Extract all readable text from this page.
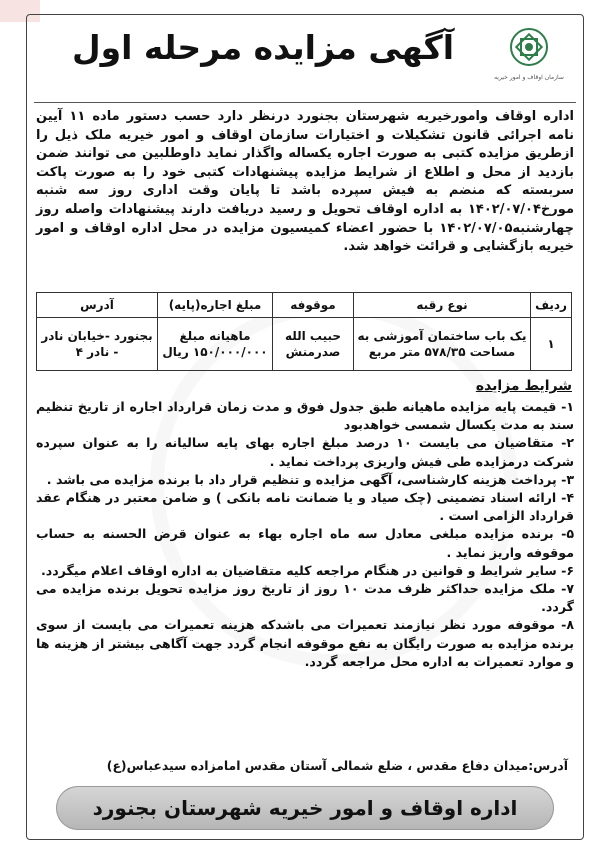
سازمان اوقاف و امور خیریه
آگهی مزایده مرحله اول
اداره اوقاف وامورخیریه شهرستان بجنورد درنظر دارد حسب دستور ماده ۱۱ آیین نامه اجرائی قانون تشکیلات و اختیارات سازمان اوقاف و امور خیریه ملک ذیل را ازطریق مزایده کتبی به صورت اجاره یکساله واگذار نماید داوطلبین می توانند ضمن بازدید از محل و اطلاع از شرایط مزایده پیشنهادات کتبی خود را به صورت پاکت سربسته که منضم به فیش سپرده باشد تا پایان وقت اداری روز سه شنبه مورخ۱۴۰۲/۰۷/۰۴ به اداره اوقاف تحویل و رسید دریافت دارند پیشنهادات واصله روز چهارشنبه۱۴۰۲/۰۷/۰۵ با حضور اعضاء کمیسیون مزایده در محل اداره اوقاف و امور خیریه بازگشایی و قرائت خواهد شد.
ردیف	نوع رقبه	موقوفه	مبلغ اجاره(پایه)	آدرس
۱	یک باب ساختمان آموزشی به مساحت ۵۷۸/۳۵ متر مربع	حبیب الله صدرمنش	ماهیانه مبلغ ۱۵۰/۰۰۰/۰۰۰ ریال	بجنورد -خیابان نادر - نادر ۴
شرایط مزایده

۱- قیمت پایه مزایده ماهیانه طبق جدول فوق و مدت زمان قرارداد اجاره از تاریخ تنظیم سند به مدت یکسال شمسی خواهدبود

۲- متقاضیان می بایست ۱۰ درصد مبلغ اجاره بهای پایه سالیانه را به عنوان سپرده شرکت درمزایده طی فیش واریزی پرداخت نماید .

۳- پرداخت هزینه کارشناسی، آگهی مزایده و تنظیم قرار داد با برنده مزایده می باشد .

۴- ارائه اسناد تضمینی (چک صیاد و یا ضمانت نامه بانکی ) و ضامن معتبر در هنگام عقد قرارداد الزامی است .

۵- برنده مزایده مبلغی معادل سه ماه اجاره بهاء به عنوان قرض الحسنه به حساب موقوفه واریز نماید .

۶- سایر شرایط و قوانین در هنگام مراجعه کلیه متقاضیان به اداره اوقاف اعلام میگردد.

۷- ملک مزایده حداکثر ظرف مدت ۱۰ روز از تاریخ روز مزایده تحویل برنده مزایده می گردد.

۸- موقوفه مورد نظر نیازمند تعمیرات می باشدکه هزینه تعمیرات می بایست از سوی برنده مزایده به صورت رایگان به نفع موقوفه انجام گردد جهت آگاهی بیشتر از هزینه ها و موارد تعمیرات به اداره محل مراجعه گردد.

آدرس:میدان دفاع مقدس ، ضلع شمالی آستان مقدس امامزاده سیدعباس(ع)
اداره اوقاف و امور خیریه شهرستان بجنورد
